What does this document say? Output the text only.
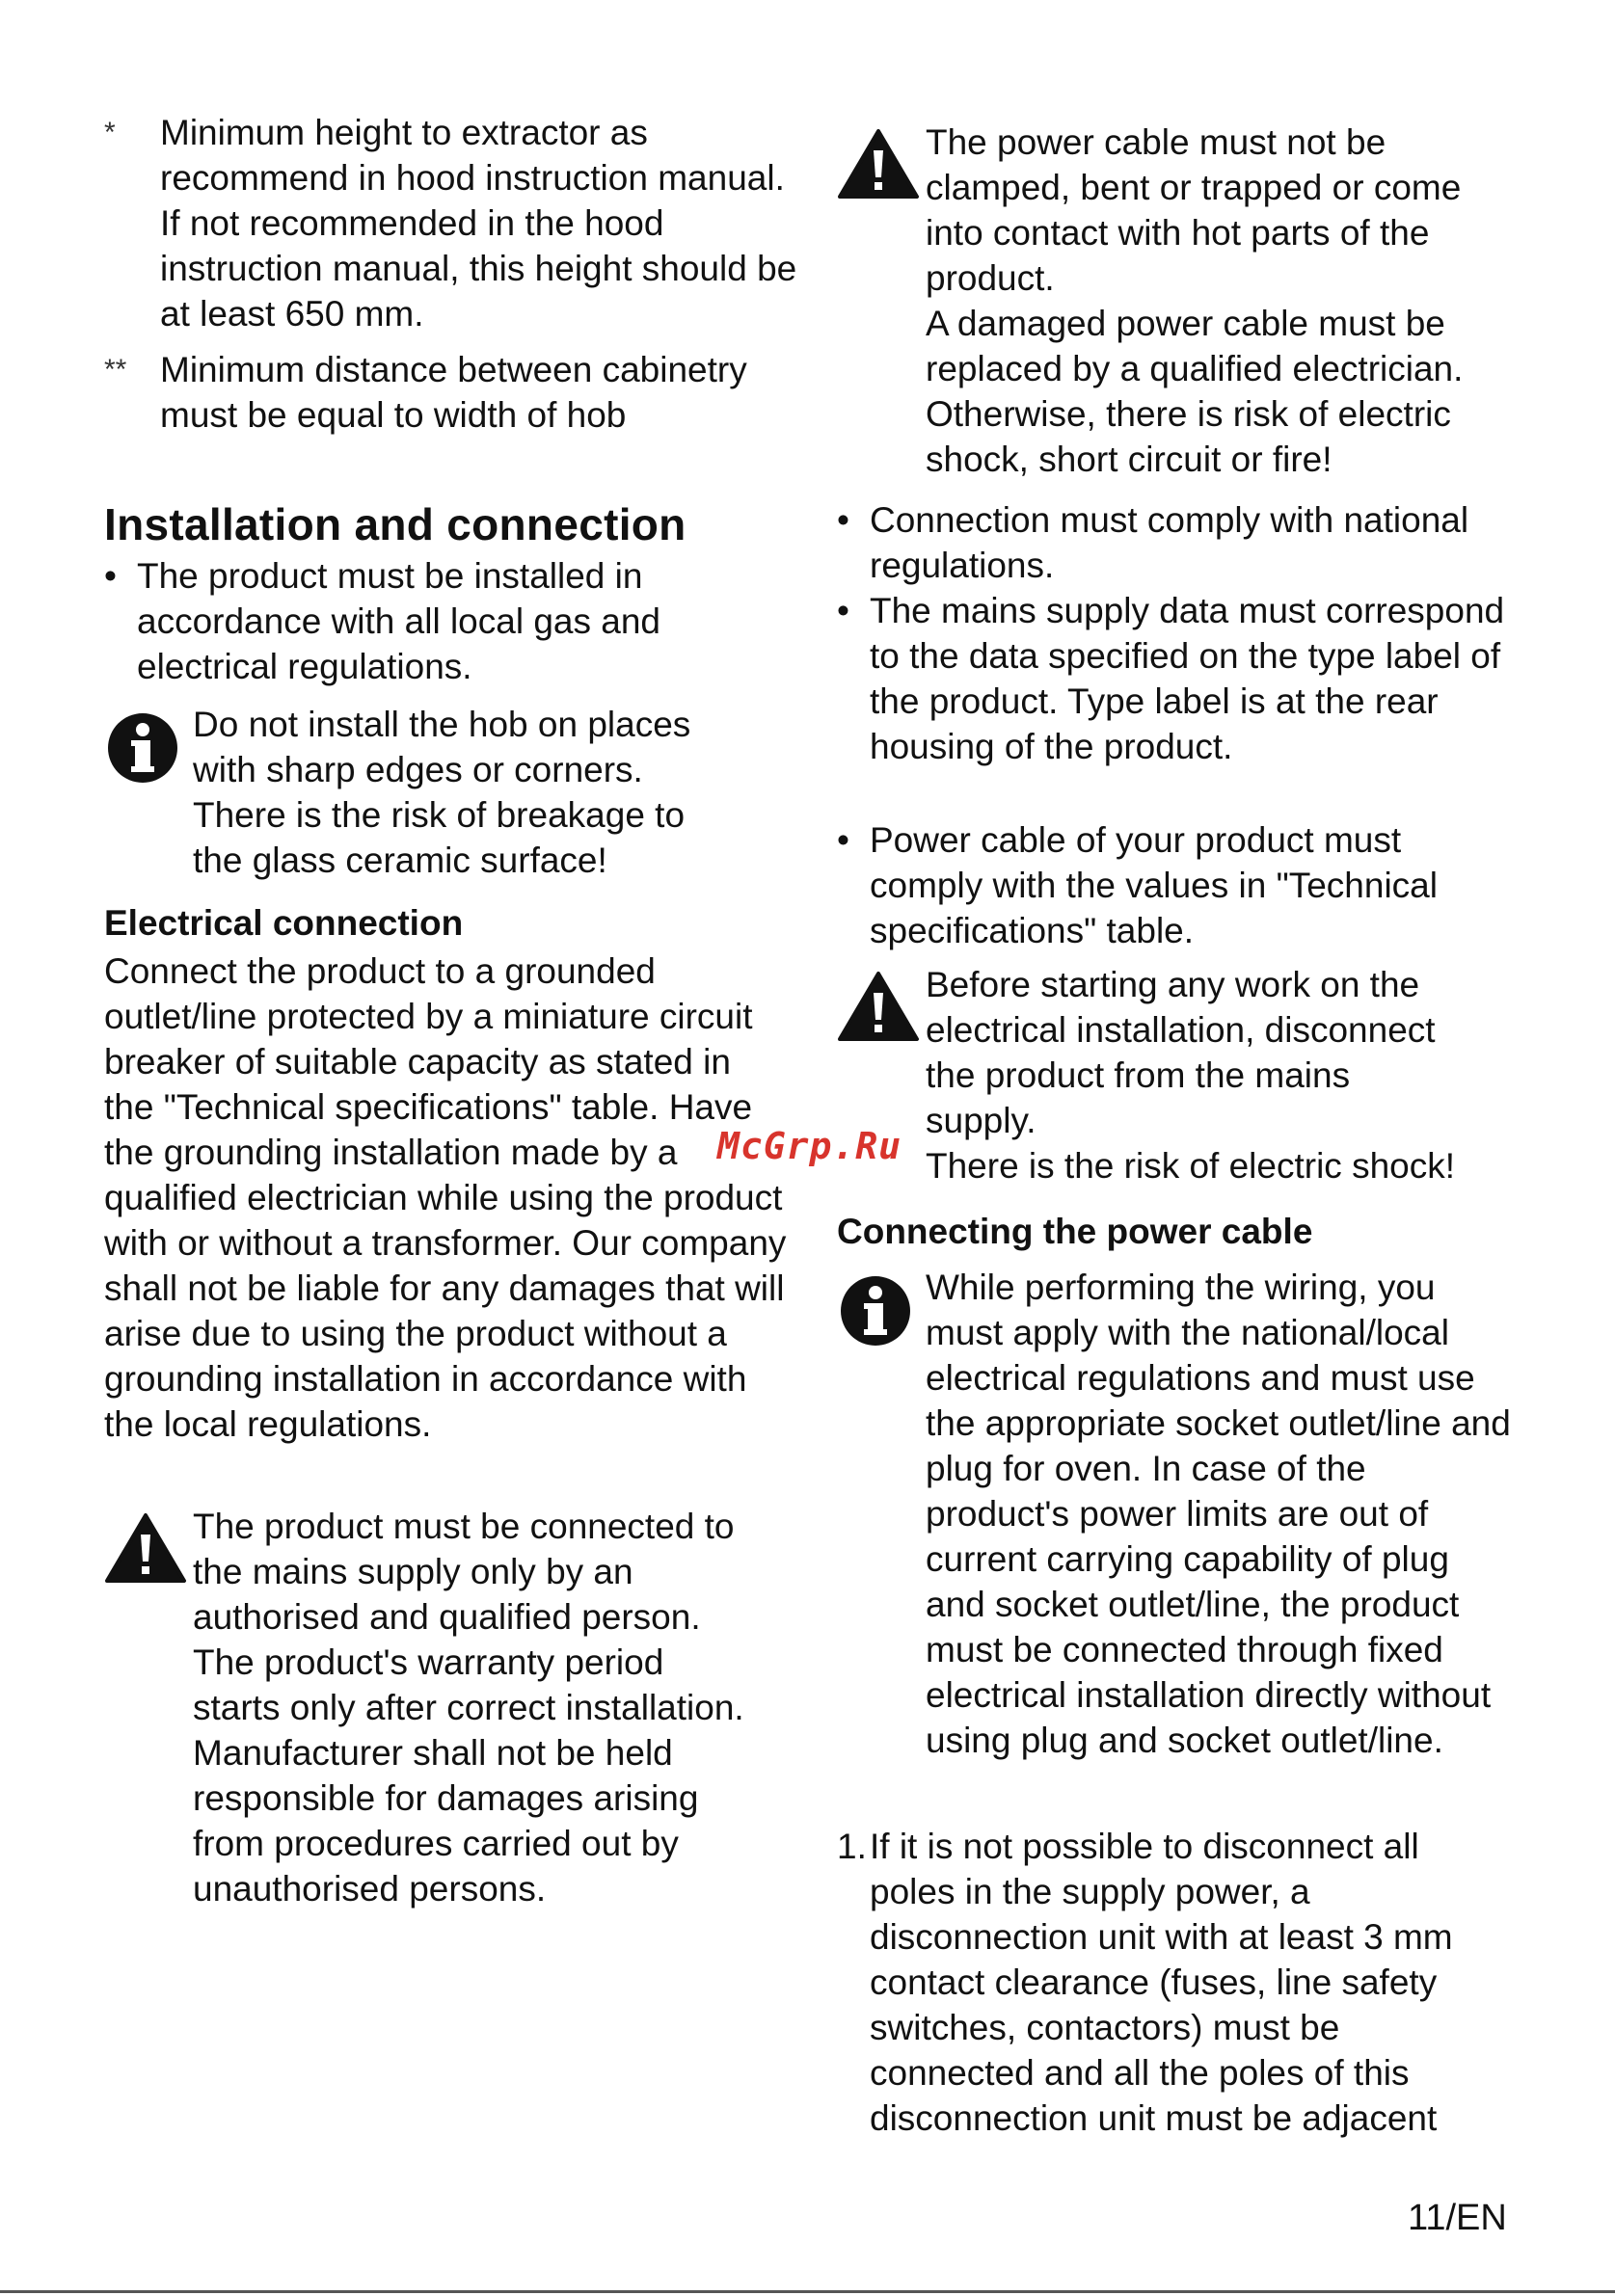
*	Minimum height to extractor as recommend in hood instruction manual. If not recommended in the hood instruction manual, this height should be at least 650 mm.
** Minimum distance between cabinetry must be equal to width of hob
Installation and connection
• The product must be installed in accordance with all local gas and electrical regulations.
Do not install the hob on places with sharp edges or corners. There is the risk of breakage to the glass ceramic surface!
Electrical connection

Connect the product to a grounded outlet/line protected by a miniature circuit breaker of suitable capacity as stated in the "Technical specifications" table. Have the grounding installation made by a qualified electrician while using the product with or without a transformer. Our company shall not be liable for any damages that will arise due to using the product without a grounding installation in accordance with the local regulations.

The product must be connected to the mains supply only by an authorised and qualified person. The product's warranty period starts only after correct installation.

Manufacturer shall not be held responsible for damages arising from procedures carried out by unauthorised persons.

The power cable must not be clamped, bent or trapped or come into contact with hot parts of the product.

A damaged power cable must be replaced by a qualified electrician. Otherwise, there is risk of electric shock, short circuit or fire!

• Connection must comply with national regulations.
• The mains supply data must correspond to the data specified on the type label of the product. Type label is at the rear housing of the product.
• Power cable of your product must comply with the values in "Technical specifications" table.

Before starting any work on the electrical installation, disconnect the product from the mains supply.

There is the risk of electric shock!

Connecting the power cable
While performing the wiring, you must apply with the national/local electrical regulations and must use the appropriate socket outlet/line and plug for oven. In case of the product's power limits are out of current carrying capability of plug and socket outlet/line, the product must be connected through fixed electrical installation directly without using plug and socket outlet/line.
1. If it is not possible to disconnect all poles in the supply power, a disconnection unit with at least 3 mm contact clearance (fuses, line safety switches, contactors) must be connected and all the poles of this disconnection unit must be adjacent
McGrp.Ru
11/EN
